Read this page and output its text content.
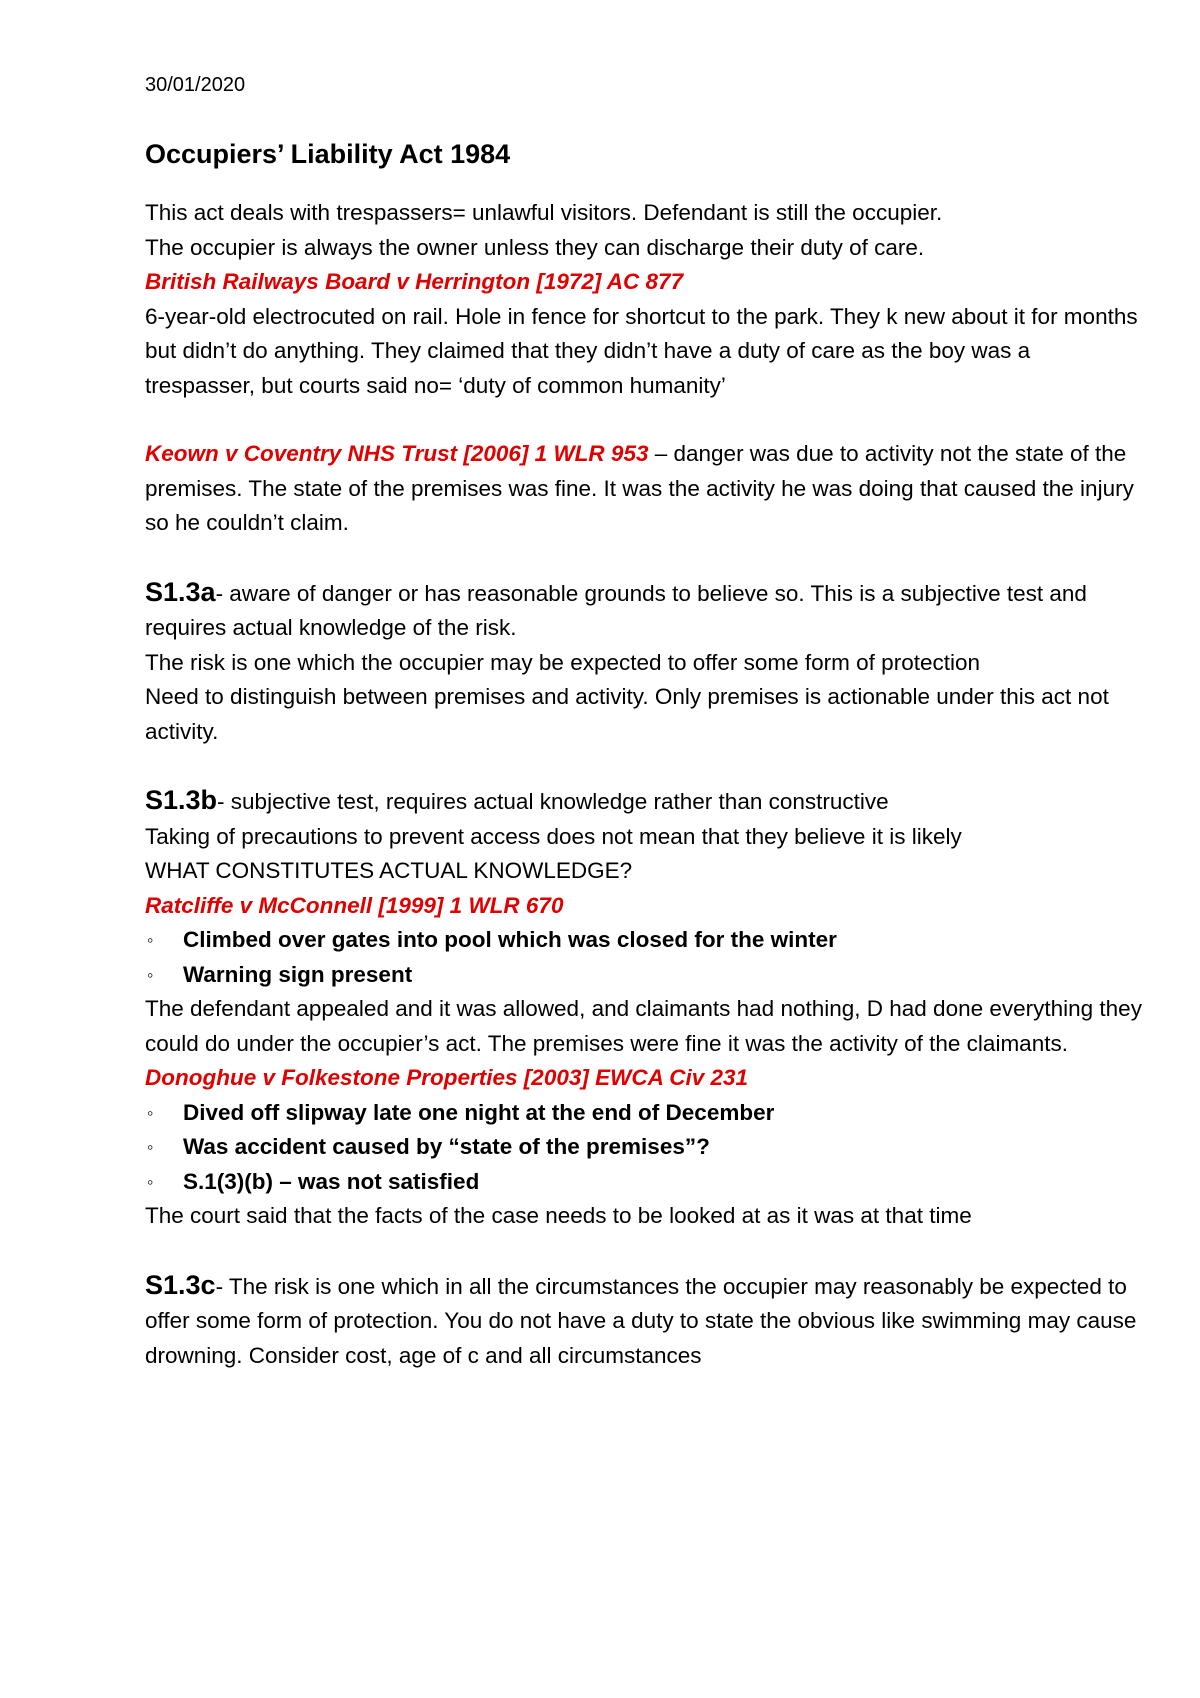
30/01/2020

Occupiers’ Liability Act 1984

This act deals with trespassers= unlawful visitors. Defendant is still the occupier.

The occupier is always the owner unless they can discharge their duty of care.

British Railways Board v Herrington [1972] AC 877

6-year-old electrocuted on rail. Hole in fence for shortcut to the park. They k new about it for months but didn’t do anything. They claimed that they didn’t have a duty of care as the boy was a trespasser, but courts said no= ‘duty of common humanity’

Keown v Coventry NHS Trust [2006] 1 WLR 953 – danger was due to activity not the state of the premises. The state of the premises was fine. It was the activity he was doing that caused the injury so he couldn’t claim.

S1.3a- aware of danger or has reasonable grounds to believe so. This is a subjective test and requires actual knowledge of the risk.

The risk is one which the occupier may be expected to offer some form of protection

Need to distinguish between premises and activity. Only premises is actionable under this act not activity.

S1.3b- subjective test, requires actual knowledge rather than constructive

Taking of precautions to prevent access does not mean that they believe it is likely

WHAT CONSTITUTES ACTUAL KNOWLEDGE?

Ratcliffe v McConnell [1999] 1 WLR 670

◦ Climbed over gates into pool which was closed for the winter
◦ Warning sign present

The defendant appealed and it was allowed, and claimants had nothing, D had done everything they could do under the occupier’s act. The premises were fine it was the activity of the claimants.

Donoghue v Folkestone Properties [2003] EWCA Civ 231

◦ Dived off slipway late one night at the end of December
◦ Was accident caused by “state of the premises”?
◦ S.1(3)(b) – was not satisfied

The court said that the facts of the case needs to be looked at as it was at that time

S1.3c- The risk is one which in all the circumstances the occupier may reasonably be expected to offer some form of protection. You do not have a duty to state the obvious like swimming may cause drowning. Consider cost, age of c and all circumstances
